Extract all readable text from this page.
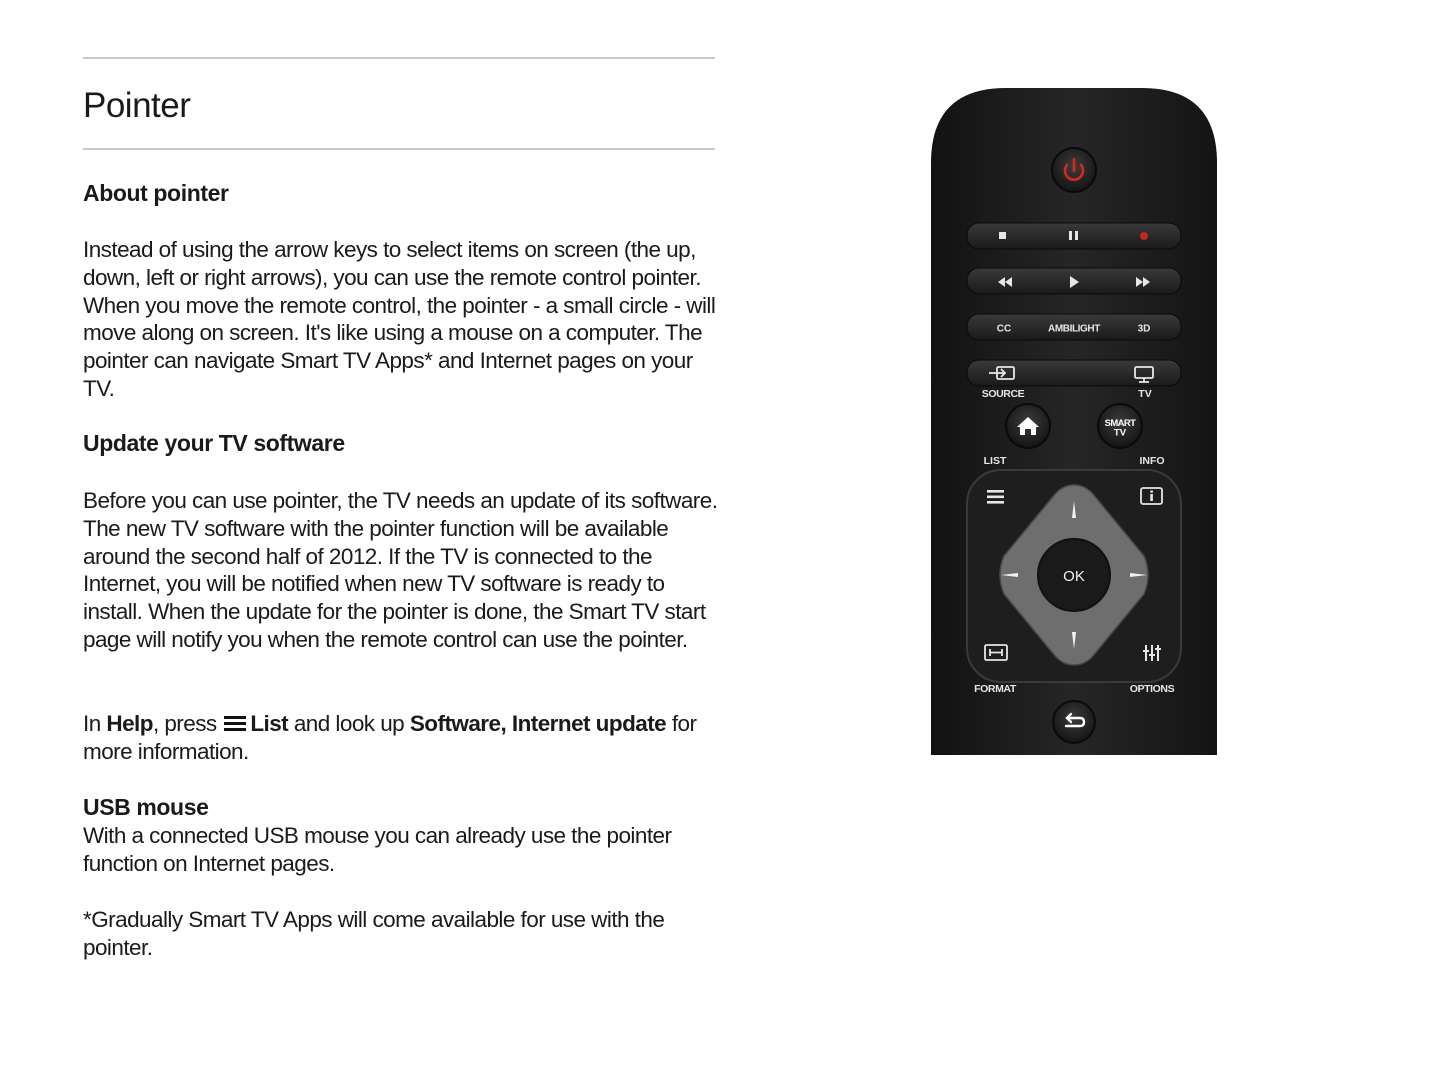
Pointer
About pointer

Instead of using the arrow keys to select items on screen (the up, down, left or right arrows), you can use the remote control pointer. When you move the remote control, the pointer - a small circle - will move along on screen. It's like using a mouse on a computer. The pointer can navigate Smart TV Apps* and Internet pages on your TV.

Update your TV software

Before you can use pointer, the TV needs an update of its software. The new TV software with the pointer function will be available around the second half of 2012. If the TV is connected to the Internet, you will be notified when new TV software is ready to install. When the update for the pointer is done, the Smart TV start page will notify you when the remote control can use the pointer.

In Help, press List and look up Software, Internet update for more information.

USB mouse

With a connected USB mouse you can already use the pointer function on Internet pages.

*Gradually Smart TV Apps will come available for use with the pointer.

CC	AMBILIGHT	3D
SOURCE	TV
SMART
TV
LIST	INFO
OK
FORMAT	OPTIONS
